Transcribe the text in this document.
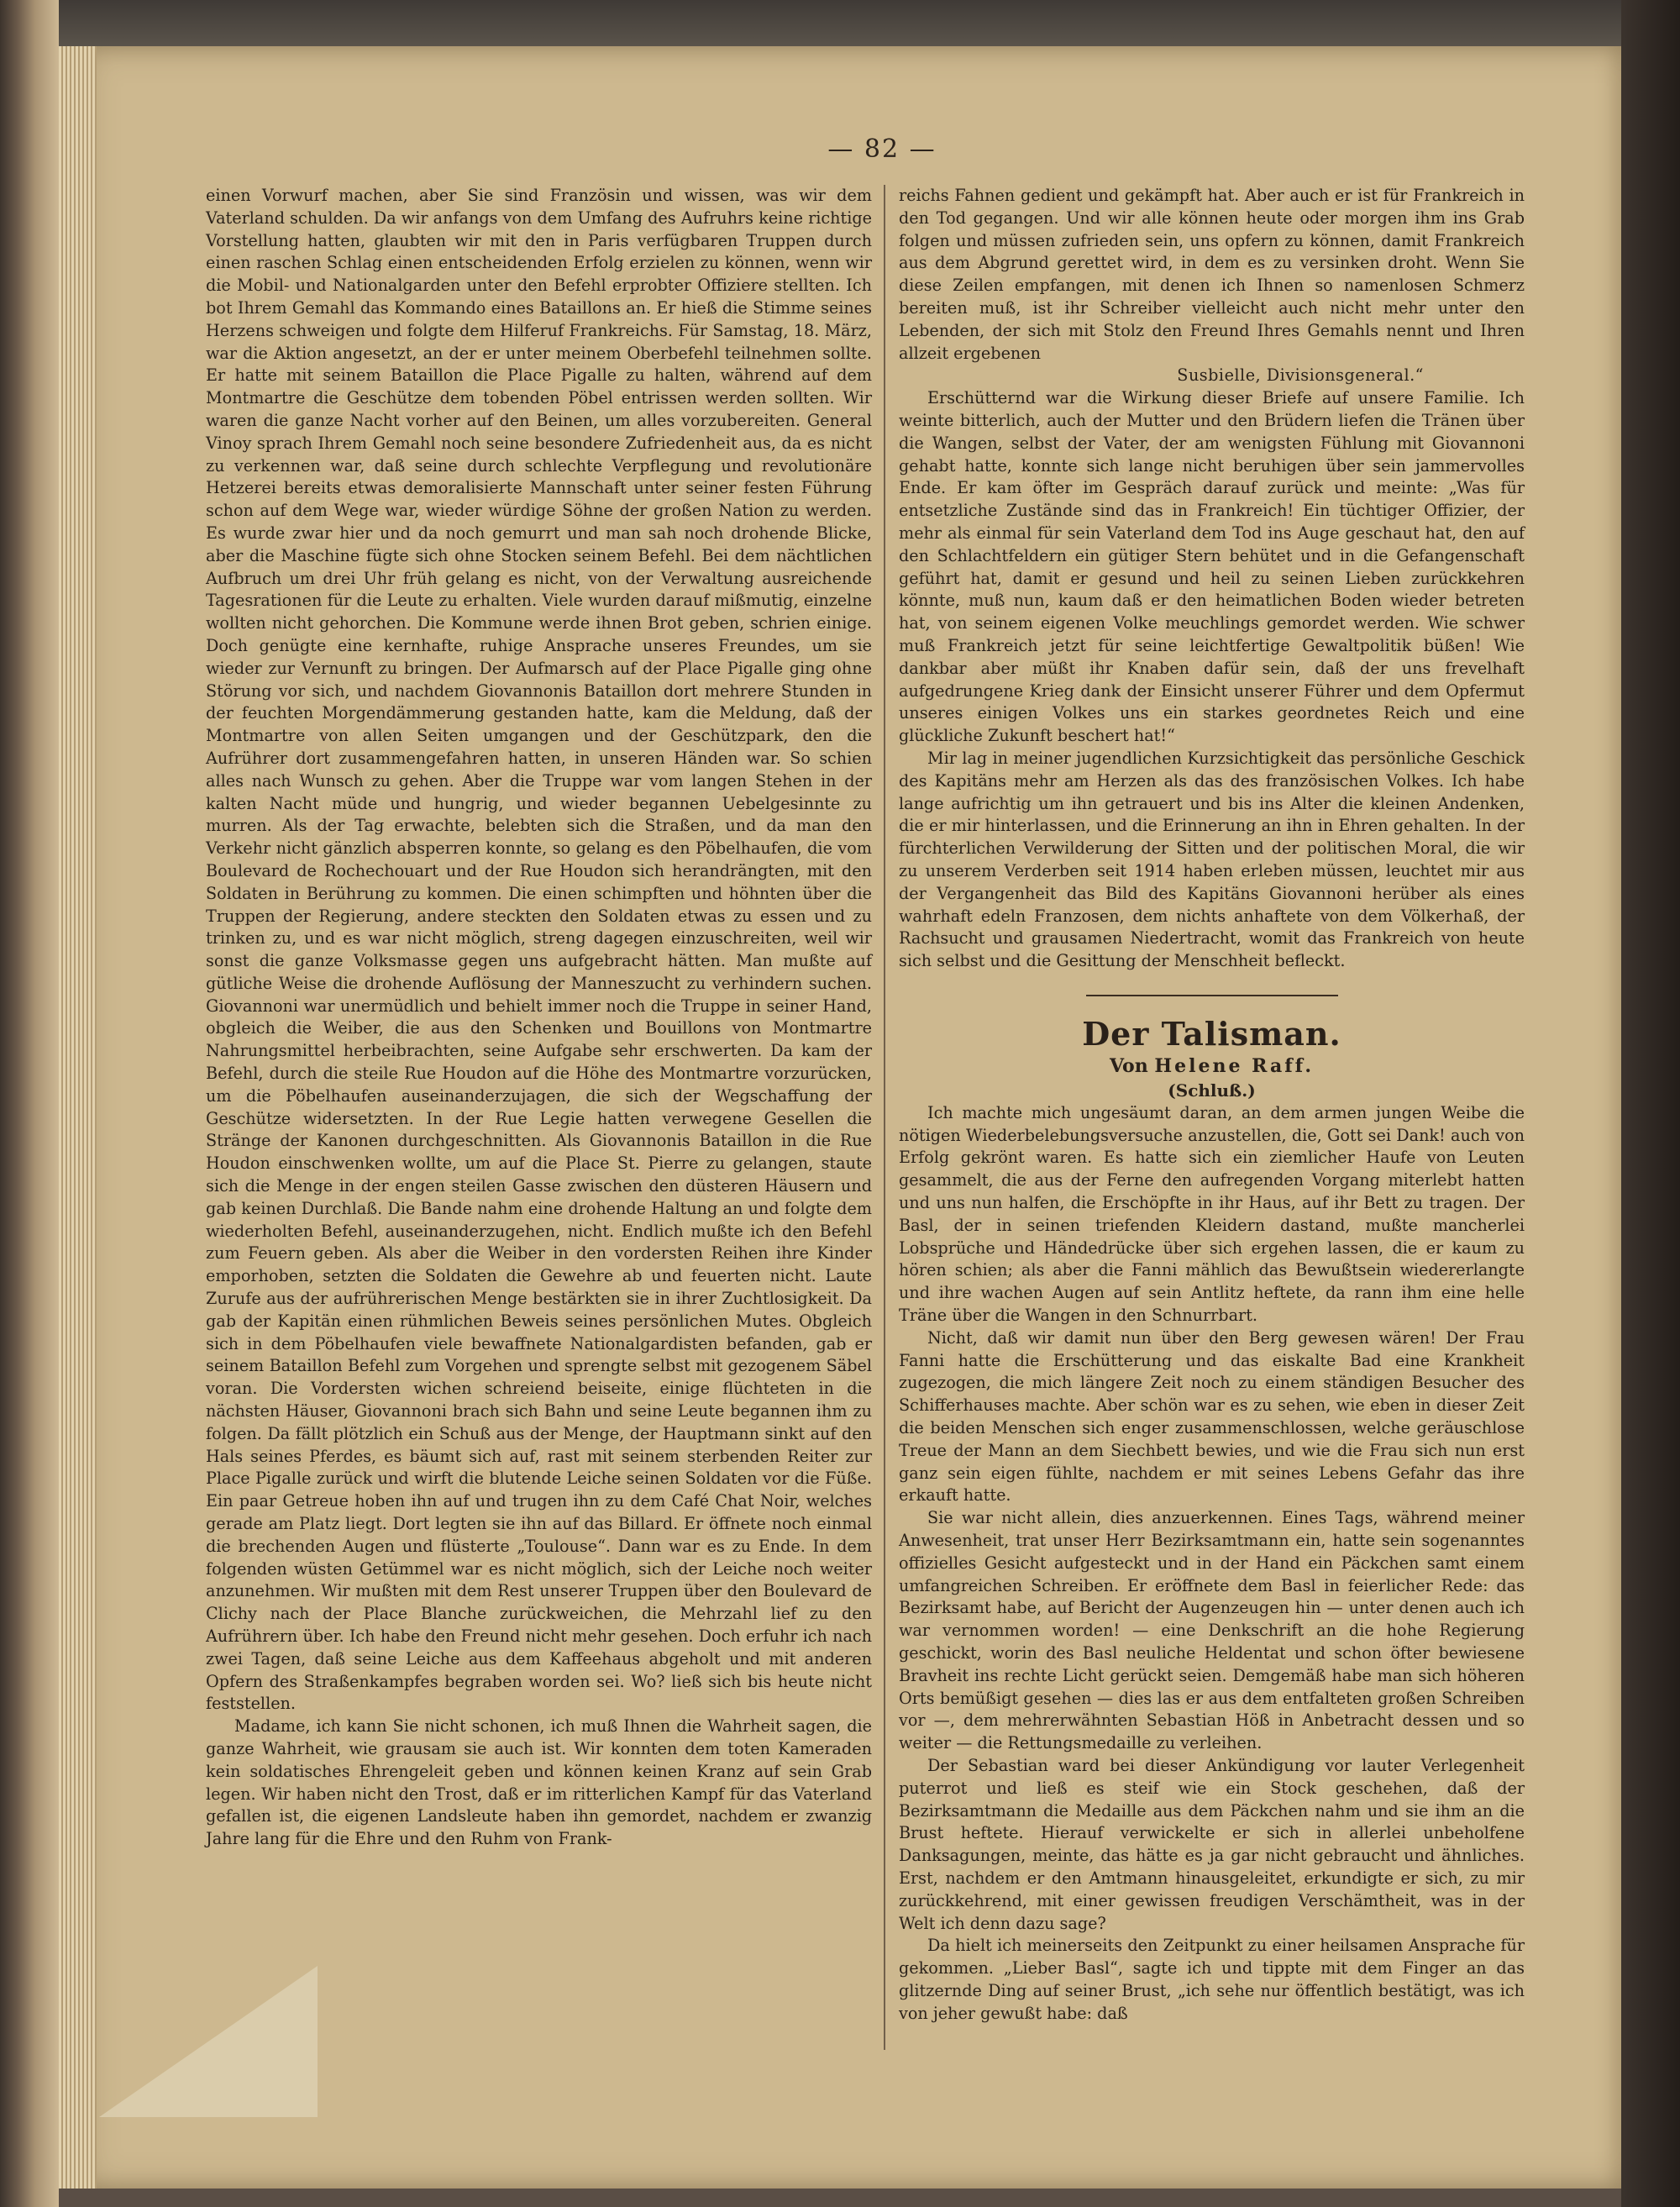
— 82 —

einen Vorwurf machen, aber Sie sind Französin und wissen, was wir dem Vaterland schulden. Da wir anfangs von dem Umfang des Aufruhrs keine richtige Vorstellung hatten, glaubten wir mit den in Paris verfügbaren Truppen durch einen raschen Schlag einen entscheidenden Erfolg erzielen zu können, wenn wir die Mobil- und Nationalgarden unter den Befehl erprobter Offiziere stellten. Ich bot Ihrem Gemahl das Kommando eines Bataillons an. Er hieß die Stimme seines Herzens schweigen und folgte dem Hilferuf Frankreichs. Für Samstag, 18. März, war die Aktion angesetzt, an der er unter meinem Oberbefehl teilnehmen sollte. Er hatte mit seinem Bataillon die Place Pigalle zu halten, während auf dem Montmartre die Geschütze dem tobenden Pöbel entrissen werden sollten. Wir waren die ganze Nacht vorher auf den Beinen, um alles vorzubereiten. General Vinoy sprach Ihrem Gemahl noch seine besondere Zufriedenheit aus, da es nicht zu verkennen war, daß seine durch schlechte Verpflegung und revolutionäre Hetzerei bereits etwas demoralisierte Mannschaft unter seiner festen Führung schon auf dem Wege war, wieder würdige Söhne der großen Nation zu werden. Es wurde zwar hier und da noch gemurrt und man sah noch drohende Blicke, aber die Maschine fügte sich ohne Stocken seinem Befehl. Bei dem nächtlichen Aufbruch um drei Uhr früh gelang es nicht, von der Verwaltung ausreichende Tagesrationen für die Leute zu erhalten. Viele wurden darauf mißmutig, einzelne wollten nicht gehorchen. Die Kommune werde ihnen Brot geben, schrien einige. Doch genügte eine kernhafte, ruhige Ansprache unseres Freundes, um sie wieder zur Vernunft zu bringen. Der Aufmarsch auf der Place Pigalle ging ohne Störung vor sich, und nachdem Giovannonis Bataillon dort mehrere Stunden in der feuchten Morgendämmerung gestanden hatte, kam die Meldung, daß der Montmartre von allen Seiten umgangen und der Geschützpark, den die Aufrührer dort zusammengefahren hatten, in unseren Händen war. So schien alles nach Wunsch zu gehen. Aber die Truppe war vom langen Stehen in der kalten Nacht müde und hungrig, und wieder begannen Uebelgesinnte zu murren. Als der Tag erwachte, belebten sich die Straßen, und da man den Verkehr nicht gänzlich absperren konnte, so gelang es den Pöbelhaufen, die vom Boulevard de Rochechouart und der Rue Houdon sich herandrängten, mit den Soldaten in Berührung zu kommen. Die einen schimpften und höhnten über die Truppen der Regierung, andere steckten den Soldaten etwas zu essen und zu trinken zu, und es war nicht möglich, streng dagegen einzuschreiten, weil wir sonst die ganze Volksmasse gegen uns aufgebracht hätten. Man mußte auf gütliche Weise die drohende Auflösung der Manneszucht zu verhindern suchen. Giovannoni war unermüdlich und behielt immer noch die Truppe in seiner Hand, obgleich die Weiber, die aus den Schenken und Bouillons von Montmartre Nahrungsmittel herbeibrachten, seine Aufgabe sehr erschwerten. Da kam der Befehl, durch die steile Rue Houdon auf die Höhe des Montmartre vorzurücken, um die Pöbelhaufen auseinanderzujagen, die sich der Wegschaffung der Geschütze widersetzten. In der Rue Legie hatten verwegene Gesellen die Stränge der Kanonen durchgeschnitten. Als Giovannonis Bataillon in die Rue Houdon einschwenken wollte, um auf die Place St. Pierre zu gelangen, staute sich die Menge in der engen steilen Gasse zwischen den düsteren Häusern und gab keinen Durchlaß. Die Bande nahm eine drohende Haltung an und folgte dem wiederholten Befehl, auseinanderzugehen, nicht. Endlich mußte ich den Befehl zum Feuern geben. Als aber die Weiber in den vordersten Reihen ihre Kinder emporhoben, setzten die Soldaten die Gewehre ab und feuerten nicht. Laute Zurufe aus der aufrührerischen Menge bestärkten sie in ihrer Zuchtlosigkeit. Da gab der Kapitän einen rühmlichen Beweis seines persönlichen Mutes. Obgleich sich in dem Pöbelhaufen viele bewaffnete Nationalgardisten befanden, gab er seinem Bataillon Befehl zum Vorgehen und sprengte selbst mit gezogenem Säbel voran. Die Vordersten wichen schreiend beiseite, einige flüchteten in die nächsten Häuser, Giovannoni brach sich Bahn und seine Leute begannen ihm zu folgen. Da fällt plötzlich ein Schuß aus der Menge, der Hauptmann sinkt auf den Hals seines Pferdes, es bäumt sich auf, rast mit seinem sterbenden Reiter zur Place Pigalle zurück und wirft die blutende Leiche seinen Soldaten vor die Füße. Ein paar Getreue hoben ihn auf und trugen ihn zu dem Café Chat Noir, welches gerade am Platz liegt. Dort legten sie ihn auf das Billard. Er öffnete noch einmal die brechenden Augen und flüsterte „Toulouse“. Dann war es zu Ende. In dem folgenden wüsten Getümmel war es nicht möglich, sich der Leiche noch weiter anzunehmen. Wir mußten mit dem Rest unserer Truppen über den Boulevard de Clichy nach der Place Blanche zurückweichen, die Mehrzahl lief zu den Aufrührern über. Ich habe den Freund nicht mehr gesehen. Doch erfuhr ich nach zwei Tagen, daß seine Leiche aus dem Kaffeehaus abgeholt und mit anderen Opfern des Straßenkampfes begraben worden sei. Wo? ließ sich bis heute nicht feststellen.

Madame, ich kann Sie nicht schonen, ich muß Ihnen die Wahrheit sagen, die ganze Wahrheit, wie grausam sie auch ist. Wir konnten dem toten Kameraden kein soldatisches Ehrengeleit geben und können keinen Kranz auf sein Grab legen. Wir haben nicht den Trost, daß er im ritterlichen Kampf für das Vaterland gefallen ist, die eigenen Landsleute haben ihn gemordet, nachdem er zwanzig Jahre lang für die Ehre und den Ruhm von Frank-

reichs Fahnen gedient und gekämpft hat. Aber auch er ist für Frankreich in den Tod gegangen. Und wir alle können heute oder morgen ihm ins Grab folgen und müssen zufrieden sein, uns opfern zu können, damit Frankreich aus dem Abgrund gerettet wird, in dem es zu versinken droht. Wenn Sie diese Zeilen empfangen, mit denen ich Ihnen so namenlosen Schmerz bereiten muß, ist ihr Schreiber vielleicht auch nicht mehr unter den Lebenden, der sich mit Stolz den Freund Ihres Gemahls nennt und Ihren allzeit ergebenen

Susbielle, Divisionsgeneral.“

Erschütternd war die Wirkung dieser Briefe auf unsere Familie. Ich weinte bitterlich, auch der Mutter und den Brüdern liefen die Tränen über die Wangen, selbst der Vater, der am wenigsten Fühlung mit Giovannoni gehabt hatte, konnte sich lange nicht beruhigen über sein jammervolles Ende. Er kam öfter im Gespräch darauf zurück und meinte: „Was für entsetzliche Zustände sind das in Frankreich! Ein tüchtiger Offizier, der mehr als einmal für sein Vaterland dem Tod ins Auge geschaut hat, den auf den Schlachtfeldern ein gütiger Stern behütet und in die Gefangenschaft geführt hat, damit er gesund und heil zu seinen Lieben zurückkehren könnte, muß nun, kaum daß er den heimatlichen Boden wieder betreten hat, von seinem eigenen Volke meuchlings gemordet werden. Wie schwer muß Frankreich jetzt für seine leichtfertige Gewaltpolitik büßen! Wie dankbar aber müßt ihr Knaben dafür sein, daß der uns frevelhaft aufgedrungene Krieg dank der Einsicht unserer Führer und dem Opfermut unseres einigen Volkes uns ein starkes geordnetes Reich und eine glückliche Zukunft beschert hat!“

Mir lag in meiner jugendlichen Kurzsichtigkeit das persönliche Geschick des Kapitäns mehr am Herzen als das des französischen Volkes. Ich habe lange aufrichtig um ihn getrauert und bis ins Alter die kleinen Andenken, die er mir hinterlassen, und die Erinnerung an ihn in Ehren gehalten. In der fürchterlichen Verwilderung der Sitten und der politischen Moral, die wir zu unserem Verderben seit 1914 haben erleben müssen, leuchtet mir aus der Vergangenheit das Bild des Kapitäns Giovannoni herüber als eines wahrhaft edeln Franzosen, dem nichts anhaftete von dem Völkerhaß, der Rachsucht und grausamen Niedertracht, womit das Frankreich von heute sich selbst und die Gesittung der Menschheit befleckt.

Der Talisman.

Von Helene Raff.

(Schluß.)

Ich machte mich ungesäumt daran, an dem armen jungen Weibe die nötigen Wiederbelebungsversuche anzustellen, die, Gott sei Dank! auch von Erfolg gekrönt waren. Es hatte sich ein ziemlicher Haufe von Leuten gesammelt, die aus der Ferne den aufregenden Vorgang miterlebt hatten und uns nun halfen, die Erschöpfte in ihr Haus, auf ihr Bett zu tragen. Der Basl, der in seinen triefenden Kleidern dastand, mußte mancherlei Lobsprüche und Händedrücke über sich ergehen lassen, die er kaum zu hören schien; als aber die Fanni mählich das Bewußtsein wiedererlangte und ihre wachen Augen auf sein Antlitz heftete, da rann ihm eine helle Träne über die Wangen in den Schnurrbart.

Nicht, daß wir damit nun über den Berg gewesen wären! Der Frau Fanni hatte die Erschütterung und das eiskalte Bad eine Krankheit zugezogen, die mich längere Zeit noch zu einem ständigen Besucher des Schifferhauses machte. Aber schön war es zu sehen, wie eben in dieser Zeit die beiden Menschen sich enger zusammenschlossen, welche geräuschlose Treue der Mann an dem Siechbett bewies, und wie die Frau sich nun erst ganz sein eigen fühlte, nachdem er mit seines Lebens Gefahr das ihre erkauft hatte.

Sie war nicht allein, dies anzuerkennen. Eines Tags, während meiner Anwesenheit, trat unser Herr Bezirksamtmann ein, hatte sein sogenanntes offizielles Gesicht aufgesteckt und in der Hand ein Päckchen samt einem umfangreichen Schreiben. Er eröffnete dem Basl in feierlicher Rede: das Bezirksamt habe, auf Bericht der Augenzeugen hin — unter denen auch ich war vernommen worden! — eine Denkschrift an die hohe Regierung geschickt, worin des Basl neuliche Heldentat und schon öfter bewiesene Bravheit ins rechte Licht gerückt seien. Demgemäß habe man sich höheren Orts bemüßigt gesehen — dies las er aus dem entfalteten großen Schreiben vor —, dem mehrerwähnten Sebastian Höß in Anbetracht dessen und so weiter — die Rettungsmedaille zu verleihen.

Der Sebastian ward bei dieser Ankündigung vor lauter Verlegenheit puterrot und ließ es steif wie ein Stock geschehen, daß der Bezirksamtmann die Medaille aus dem Päckchen nahm und sie ihm an die Brust heftete. Hierauf verwickelte er sich in allerlei unbeholfene Danksagungen, meinte, das hätte es ja gar nicht gebraucht und ähnliches. Erst, nachdem er den Amtmann hinausgeleitet, erkundigte er sich, zu mir zurückkehrend, mit einer gewissen freudigen Verschämtheit, was in der Welt ich denn dazu sage?

Da hielt ich meinerseits den Zeitpunkt zu einer heilsamen Ansprache für gekommen. „Lieber Basl“, sagte ich und tippte mit dem Finger an das glitzernde Ding auf seiner Brust, „ich sehe nur öffentlich bestätigt, was ich von jeher gewußt habe: daß
